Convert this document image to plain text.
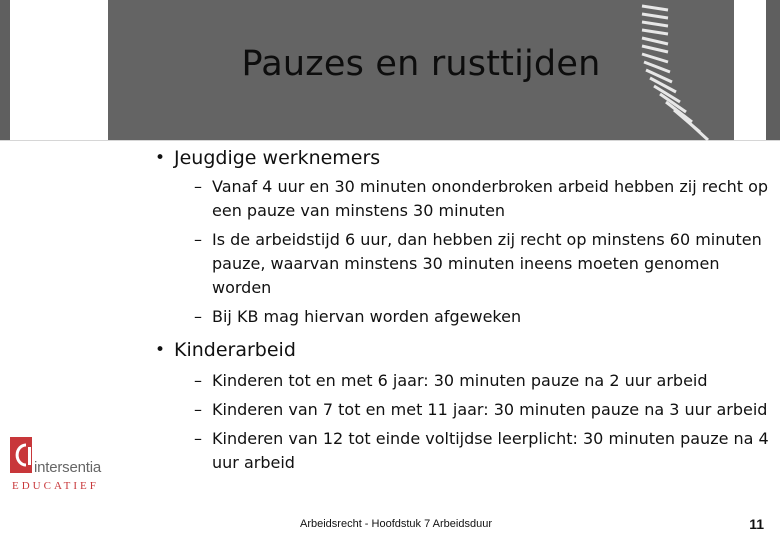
Pauzes en rusttijden
• Jeugdige werknemers
– Vanaf 4 uur en 30 minuten ononderbroken arbeid hebben zij recht op een pauze van minstens 30 minuten
– Is de arbeidstijd 6 uur, dan hebben zij recht op minstens 60 minuten pauze, waarvan minstens 30 minuten ineens moeten genomen worden
– Bij KB mag hiervan worden afgeweken
• Kinderarbeid
– Kinderen tot en met 6 jaar: 30 minuten pauze na 2 uur arbeid
– Kinderen van 7 tot en met 11 jaar: 30 minuten pauze na 3 uur arbeid
– Kinderen van 12 tot einde voltijdse leerplicht: 30 minuten pauze na 4 uur arbeid
intersentia
EDUCATIEF
Arbeidsrecht - Hoofdstuk 7 Arbeidsduur	11
